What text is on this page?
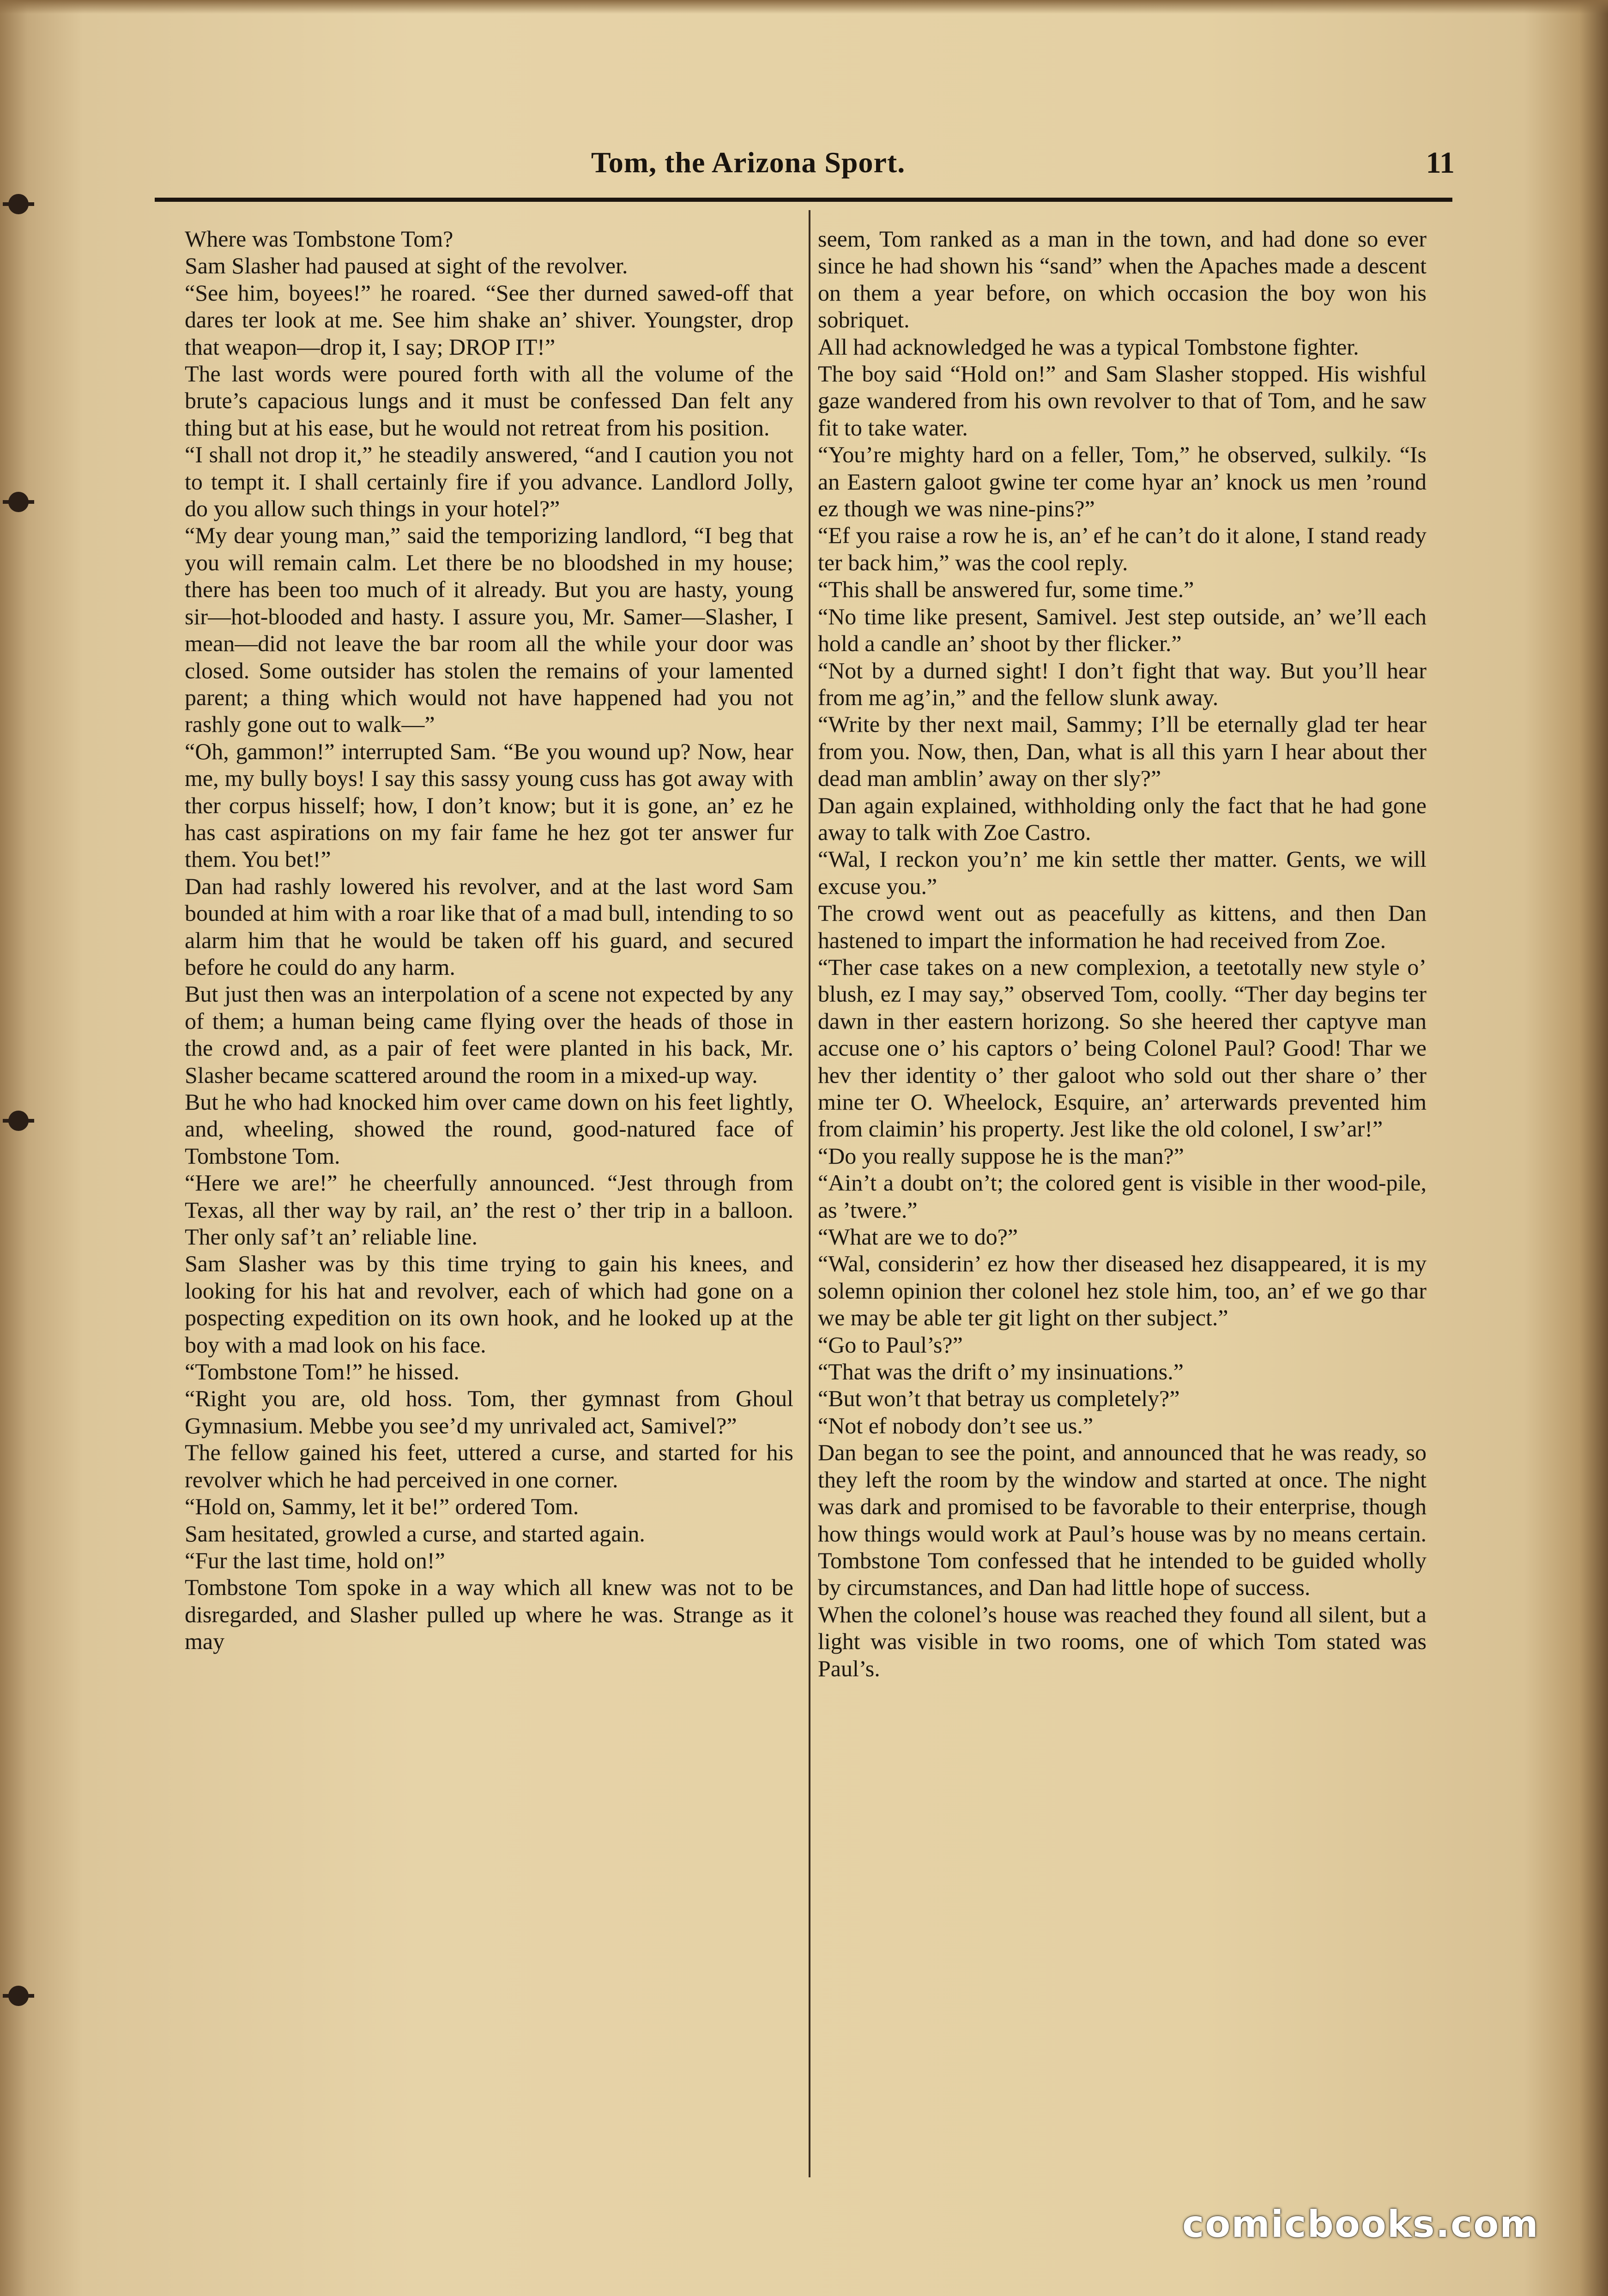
Tom, the Arizona Sport.	11

Where was Tombstone Tom?

Sam Slasher had paused at sight of the revolver.

“See him, boyees!” he roared. “See ther durned sawed-off that dares ter look at me. See him shake an’ shiver. Youngster, drop that weapon—drop it, I say; DROP IT!”

The last words were poured forth with all the volume of the brute’s capacious lungs and it must be confessed Dan felt any thing but at his ease, but he would not retreat from his position.

“I shall not drop it,” he steadily answered, “and I caution you not to tempt it. I shall certainly fire if you advance. Landlord Jolly, do you allow such things in your hotel?”

“My dear young man,” said the temporizing landlord, “I beg that you will remain calm. Let there be no bloodshed in my house; there has been too much of it already. But you are hasty, young sir—hot-blooded and hasty. I assure you, Mr. Samer—Slasher, I mean—did not leave the bar room all the while your door was closed. Some outsider has stolen the remains of your lamented parent; a thing which would not have happened had you not rashly gone out to walk—”

“Oh, gammon!” interrupted Sam. “Be you wound up? Now, hear me, my bully boys! I say this sassy young cuss has got away with ther corpus hisself; how, I don’t know; but it is gone, an’ ez he has cast aspirations on my fair fame he hez got ter answer fur them. You bet!”

Dan had rashly lowered his revolver, and at the last word Sam bounded at him with a roar like that of a mad bull, intending to so alarm him that he would be taken off his guard, and secured before he could do any harm.

But just then was an interpolation of a scene not expected by any of them; a human being came flying over the heads of those in the crowd and, as a pair of feet were planted in his back, Mr. Slasher became scattered around the room in a mixed-up way.

But he who had knocked him over came down on his feet lightly, and, wheeling, showed the round, good-natured face of Tombstone Tom.

“Here we are!” he cheerfully announced. “Jest through from Texas, all ther way by rail, an’ the rest o’ ther trip in a balloon. Ther only saf’t an’ reliable line.

Sam Slasher was by this time trying to gain his knees, and looking for his hat and revolver, each of which had gone on a pospecting expedition on its own hook, and he looked up at the boy with a mad look on his face.

“Tombstone Tom!” he hissed.

“Right you are, old hoss. Tom, ther gymnast from Ghoul Gymnasium. Mebbe you see’d my unrivaled act, Samivel?”

The fellow gained his feet, uttered a curse, and started for his revolver which he had perceived in one corner.

“Hold on, Sammy, let it be!” ordered Tom.

Sam hesitated, growled a curse, and started again.

“Fur the last time, hold on!”

Tombstone Tom spoke in a way which all knew was not to be disregarded, and Slasher pulled up where he was. Strange as it may

seem, Tom ranked as a man in the town, and had done so ever since he had shown his “sand” when the Apaches made a descent on them a year before, on which occasion the boy won his sobriquet.

All had acknowledged he was a typical Tombstone fighter.

The boy said “Hold on!” and Sam Slasher stopped. His wishful gaze wandered from his own revolver to that of Tom, and he saw fit to take water.

“You’re mighty hard on a feller, Tom,” he observed, sulkily. “Is an Eastern galoot gwine ter come hyar an’ knock us men ’round ez though we was nine-pins?”

“Ef you raise a row he is, an’ ef he can’t do it alone, I stand ready ter back him,” was the cool reply.

“This shall be answered fur, some time.”

“No time like present, Samivel. Jest step outside, an’ we’ll each hold a candle an’ shoot by ther flicker.”

“Not by a durned sight! I don’t fight that way. But you’ll hear from me ag’in,” and the fellow slunk away.

“Write by ther next mail, Sammy; I’ll be eternally glad ter hear from you. Now, then, Dan, what is all this yarn I hear about ther dead man amblin’ away on ther sly?”

Dan again explained, withholding only the fact that he had gone away to talk with Zoe Castro.

“Wal, I reckon you’n’ me kin settle ther matter. Gents, we will excuse you.”

The crowd went out as peacefully as kittens, and then Dan hastened to impart the information he had received from Zoe.

“Ther case takes on a new complexion, a teetotally new style o’ blush, ez I may say,” observed Tom, coolly. “Ther day begins ter dawn in ther eastern horizong. So she heered ther captyve man accuse one o’ his captors o’ being Colonel Paul? Good! Thar we hev ther identity o’ ther galoot who sold out ther share o’ ther mine ter O. Wheelock, Esquire, an’ arterwards prevented him from claimin’ his property. Jest like the old colonel, I sw’ar!”

“Do you really suppose he is the man?”

“Ain’t a doubt on’t; the colored gent is visible in ther wood-pile, as ’twere.”

“What are we to do?”

“Wal, considerin’ ez how ther diseased hez disappeared, it is my solemn opinion ther colonel hez stole him, too, an’ ef we go thar we may be able ter git light on ther subject.”

“Go to Paul’s?”

“That was the drift o’ my insinuations.”

“But won’t that betray us completely?”

“Not ef nobody don’t see us.”

Dan began to see the point, and announced that he was ready, so they left the room by the window and started at once. The night was dark and promised to be favorable to their enterprise, though how things would work at Paul’s house was by no means certain. Tombstone Tom confessed that he intended to be guided wholly by circumstances, and Dan had little hope of success.

When the colonel’s house was reached they found all silent, but a light was visible in two rooms, one of which Tom stated was Paul’s.

comicbooks.com
